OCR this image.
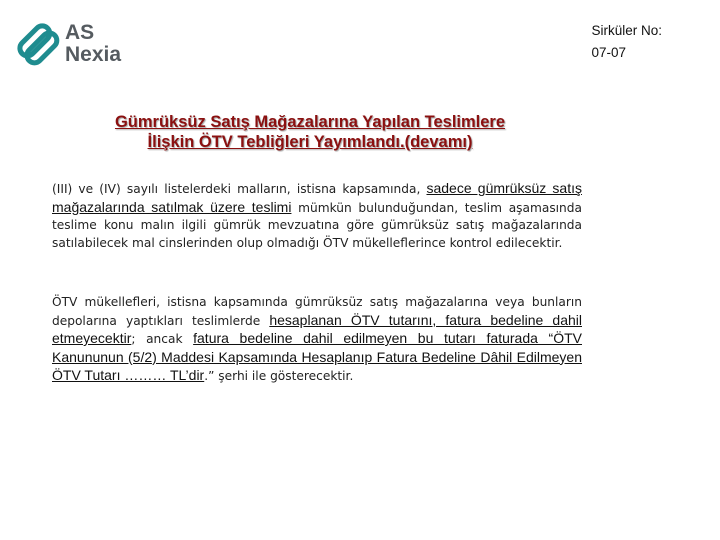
AS
Nexia
Sirküler No:
07-07
Gümrüksüz Satış Mağazalarına Yapılan Teslimlere
İlişkin ÖTV Tebliğleri Yayımlandı.(devamı)
(III) ve (IV) sayılı listelerdeki malların, istisna kapsamında, sadece gümrüksüz satış mağazalarında satılmak üzere teslimi mümkün bulunduğundan, teslim aşamasında teslime konu malın ilgili gümrük mevzuatına göre gümrüksüz satış mağazalarında satılabilecek mal cinslerinden olup olmadığı ÖTV mükelleflerince kontrol edilecektir.
ÖTV mükellefleri, istisna kapsamında gümrüksüz satış mağazalarına veya bunların depolarına yaptıkları teslimlerde hesaplanan ÖTV tutarını, fatura bedeline dahil etmeyecektir; ancak fatura bedeline dahil edilmeyen bu tutarı faturada “ÖTV Kanununun (5/2) Maddesi Kapsamında Hesaplanıp Fatura Bedeline Dâhil Edilmeyen ÖTV Tutarı ……… TL’dir.” şerhi ile gösterecektir.
